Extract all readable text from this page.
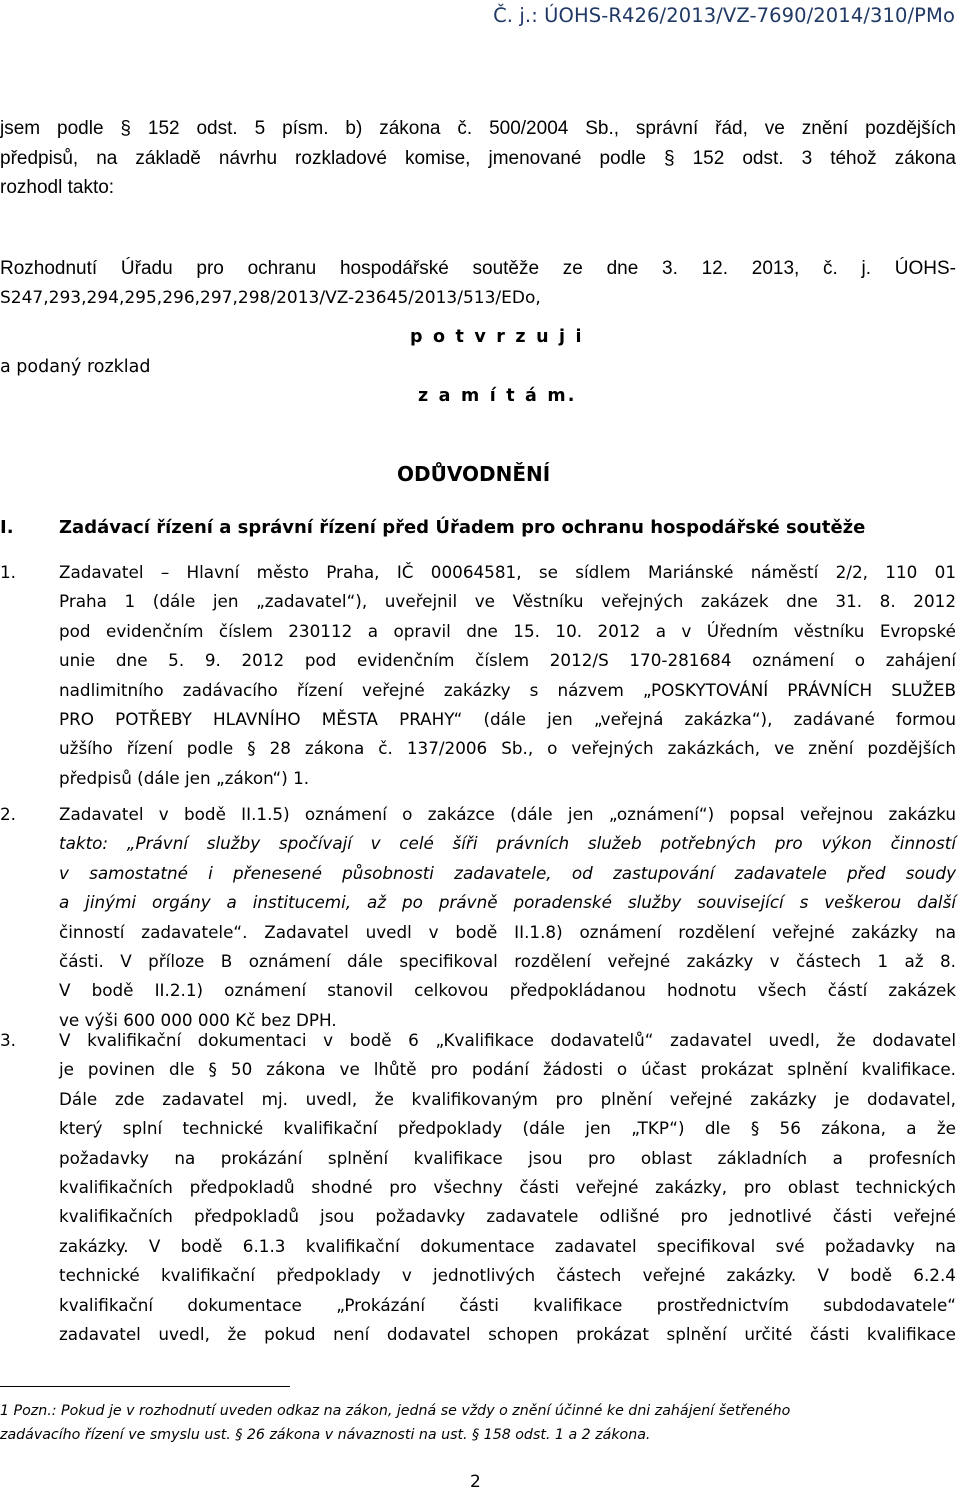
Č. j.: ÚOHS-R426/2013/VZ-7690/2014/310/PMo
jsem podle § 152 odst. 5 písm. b) zákona č. 500/2004 Sb., správní řád, ve znění pozdějších
předpisů, na základě návrhu rozkladové komise, jmenované podle § 152 odst. 3 téhož zákona
rozhodl takto:
Rozhodnutí Úřadu pro ochranu hospodářské soutěže ze dne 3. 12. 2013, č. j. ÚOHS-
S247,293,294,295,296,297,298/2013/VZ-23645/2013/513/EDo,
p o t v r z u j i
a podaný rozklad
z a m í t á m.
ODŮVODNĚNÍ
I.	Zadávací řízení a správní řízení před Úřadem pro ochranu hospodářské soutěže
1.	Zadavatel – Hlavní město Praha, IČ 00064581, se sídlem Mariánské náměstí 2/2, 110 01
Praha 1 (dále jen „zadavatel“), uveřejnil ve Věstníku veřejných zakázek dne 31. 8. 2012
pod evidenčním číslem 230112 a opravil dne 15. 10. 2012 a v Úředním věstníku Evropské
unie dne 5. 9. 2012 pod evidenčním číslem 2012/S 170-281684 oznámení o zahájení
nadlimitního zadávacího řízení veřejné zakázky s názvem „POSKYTOVÁNÍ PRÁVNÍCH SLUŽEB
PRO POTŘEBY HLAVNÍHO MĚSTA PRAHY“ (dále jen „veřejná zakázka“), zadávané formou
užšího řízení podle § 28 zákona č. 137/2006 Sb., o veřejných zakázkách, ve znění pozdějších
předpisů (dále jen „zákon“) 1.
2.	Zadavatel v bodě II.1.5) oznámení o zakázce (dále jen „oznámení“) popsal veřejnou zakázku
takto: „Právní služby spočívají v celé šíři právních služeb potřebných pro výkon činností
v samostatné i přenesené působnosti zadavatele, od zastupování zadavatele před soudy
a jinými orgány a institucemi, až po právně poradenské služby související s veškerou další
činností zadavatele“. Zadavatel uvedl v bodě II.1.8) oznámení rozdělení veřejné zakázky na
části. V příloze B oznámení dále specifikoval rozdělení veřejné zakázky v částech 1 až 8.
V bodě II.2.1) oznámení stanovil celkovou předpokládanou hodnotu všech částí zakázek
ve výši 600 000 000 Kč bez DPH.
3.	V kvalifikační dokumentaci v bodě 6 „Kvalifikace dodavatelů“ zadavatel uvedl, že dodavatel
je povinen dle § 50 zákona ve lhůtě pro podání žádosti o účast prokázat splnění kvalifikace.
Dále zde zadavatel mj. uvedl, že kvalifikovaným pro plnění veřejné zakázky je dodavatel,
který splní technické kvalifikační předpoklady (dále jen „TKP“) dle § 56 zákona, a že
požadavky na prokázání splnění kvalifikace jsou pro oblast základních a profesních
kvalifikačních předpokladů shodné pro všechny části veřejné zakázky, pro oblast technických
kvalifikačních předpokladů jsou požadavky zadavatele odlišné pro jednotlivé části veřejné
zakázky. V bodě 6.1.3 kvalifikační dokumentace zadavatel specifikoval své požadavky na
technické kvalifikační předpoklady v jednotlivých částech veřejné zakázky. V bodě 6.2.4
kvalifikační dokumentace „Prokázání části kvalifikace prostřednictvím subdodavatele“
zadavatel uvedl, že pokud není dodavatel schopen prokázat splnění určité části kvalifikace
1 Pozn.: Pokud je v rozhodnutí uveden odkaz na zákon, jedná se vždy o znění účinné ke dni zahájení šetřeného
zadávacího řízení ve smyslu ust. § 26 zákona v návaznosti na ust. § 158 odst. 1 a 2 zákona.
2
